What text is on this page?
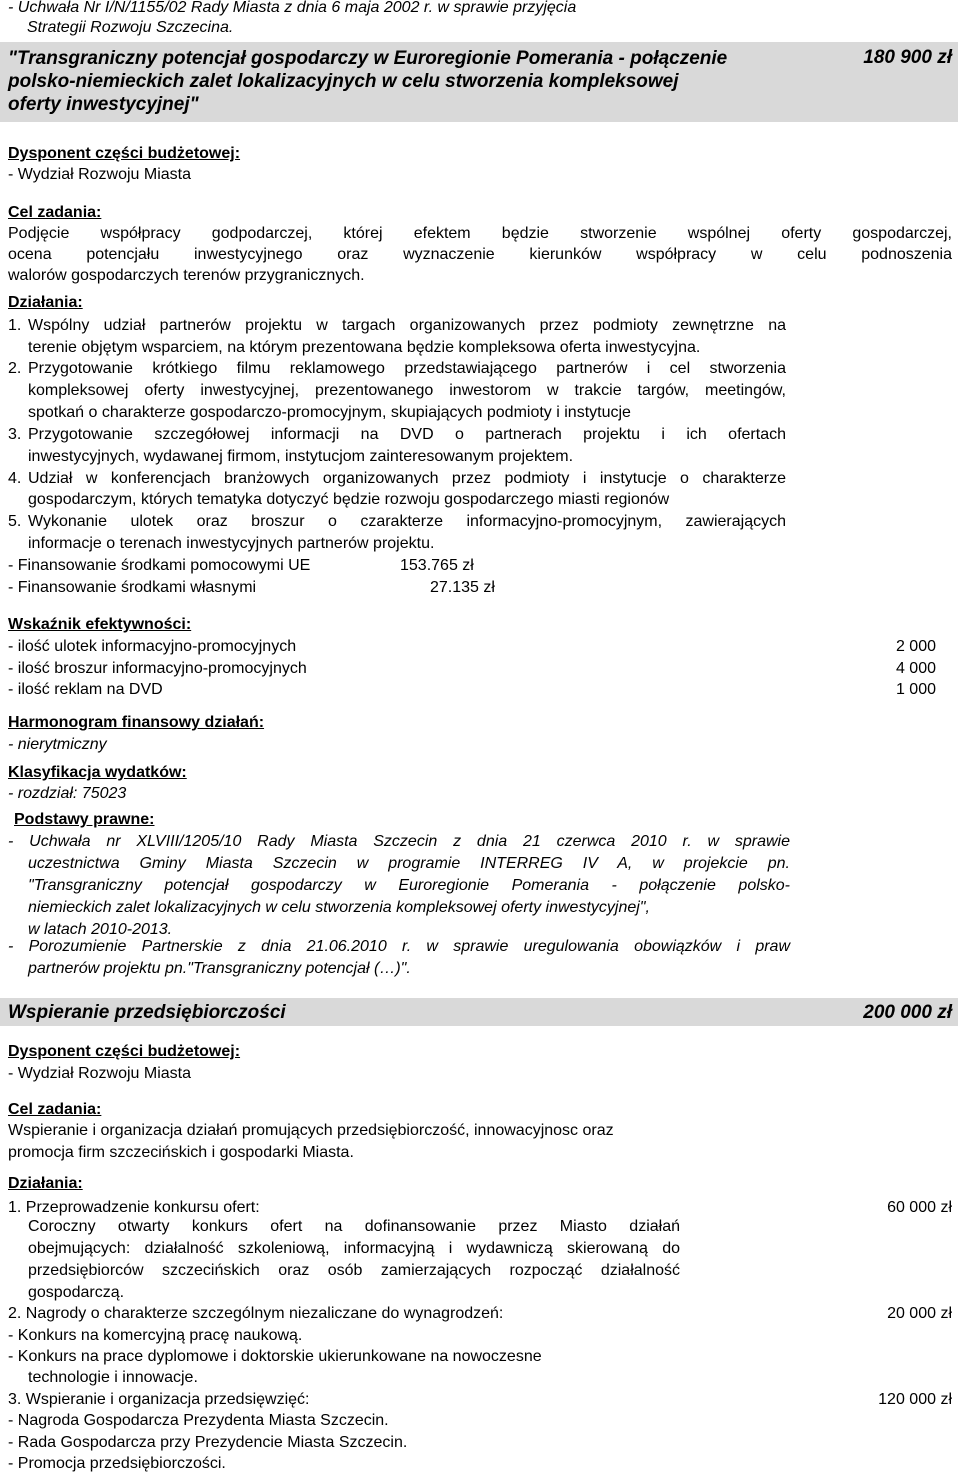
- Uchwała Nr I/N/1155/02 Rady Miasta z dnia 6 maja 2002 r. w sprawie przyjęcia
Strategii Rozwoju Szczecina.
"Transgraniczny potencjał gospodarczy w Euroregionie Pomerania - połączenie
polsko-niemieckich zalet lokalizacyjnych w celu stworzenia kompleksowej
oferty inwestycyjnej"
180 900 zł
Dysponent części budżetowej:
- Wydział Rozwoju Miasta
Cel zadania:
Podjęcie współpracy godpodarczej, której efektem będzie stworzenie wspólnej oferty gospodarczej,
ocena potencjału inwestycyjnego oraz wyznaczenie kierunków współpracy w celu podnoszenia
walorów gospodarczych terenów przygranicznych.
Działania:
1. Wspólny udział partnerów projektu w targach organizowanych przez podmioty zewnętrzne na
terenie objętym wsparciem, na którym prezentowana będzie kompleksowa oferta inwestycyjna.
2. Przygotowanie krótkiego filmu reklamowego przedstawiającego partnerów i cel stworzenia
kompleksowej oferty inwestycyjnej, prezentowanego inwestorom w trakcie targów, meetingów,
spotkań o charakterze gospodarczo-promocyjnym, skupiających podmioty i instytucje
3. Przygotowanie szczegółowej informacji na DVD o partnerach projektu i ich ofertach
inwestycyjnych, wydawanej firmom, instytucjom zainteresowanym projektem.
4. Udział w konferencjach branżowych organizowanych przez podmioty i instytucje o charakterze
gospodarczym, których tematyka dotyczyć będzie rozwoju gospodarczego miasti regionów
5. Wykonanie ulotek oraz broszur o czarakterze informacyjno-promocyjnym, zawierających
informacje o terenach inwestycyjnych partnerów projektu.
- Finansowanie środkami pomocowymi UE	153.765 zł
- Finansowanie środkami własnymi	27.135 zł
Wskaźnik efektywności:
- ilość ulotek informacyjno-promocyjnych	2 000
- ilość broszur informacyjno-promocyjnych	4 000
- ilość reklam na DVD	1 000
Harmonogram finansowy działań:
- nierytmiczny
Klasyfikacja wydatków:
- rozdział: 75023
Podstawy prawne:
- Uchwała nr XLVIII/1205/10 Rady Miasta Szczecin z dnia 21 czerwca 2010 r. w sprawie
uczestnictwa Gminy Miasta Szczecin w programie INTERREG IV A, w projekcie pn.
"Transgraniczny potencjał gospodarczy w Euroregionie Pomerania - połączenie polsko-
niemieckich zalet lokalizacyjnych w celu stworzenia kompleksowej oferty inwestycyjnej",
w latach 2010-2013.
- Porozumienie Partnerskie z dnia 21.06.2010 r. w sprawie uregulowania obowiązków i praw
partnerów projektu pn."Transgraniczny potencjał (…)".
Wspieranie przedsiębiorczości	200 000 zł
Dysponent części budżetowej:
- Wydział Rozwoju Miasta
Cel zadania:
Wspieranie i organizacja działań promujących przedsiębiorczość, innowacyjnosc oraz
promocja firm szczecińskich i gospodarki Miasta.
Działania:
1. Przeprowadzenie konkursu ofert:	60 000 zł
Coroczny otwarty konkurs ofert na dofinansowanie przez Miasto działań
obejmujących: działalność szkoleniową, informacyjną i wydawniczą skierowaną do
przedsiębiorców szczecińskich oraz osób zamierzających rozpocząć działalność
gospodarczą.
2. Nagrody o charakterze szczególnym niezaliczane do wynagrodzeń:	20 000 zł
- Konkurs na komercyjną pracę naukową.
- Konkurs na prace dyplomowe i doktorskie ukierunkowane na nowoczesne
technologie i innowacje.
3. Wspieranie i organizacja przedsięwzięć:	120 000 zł
- Nagroda Gospodarcza Prezydenta Miasta Szczecin.
- Rada Gospodarcza przy Prezydencie Miasta Szczecin.
- Promocja przedsiębiorczości.
